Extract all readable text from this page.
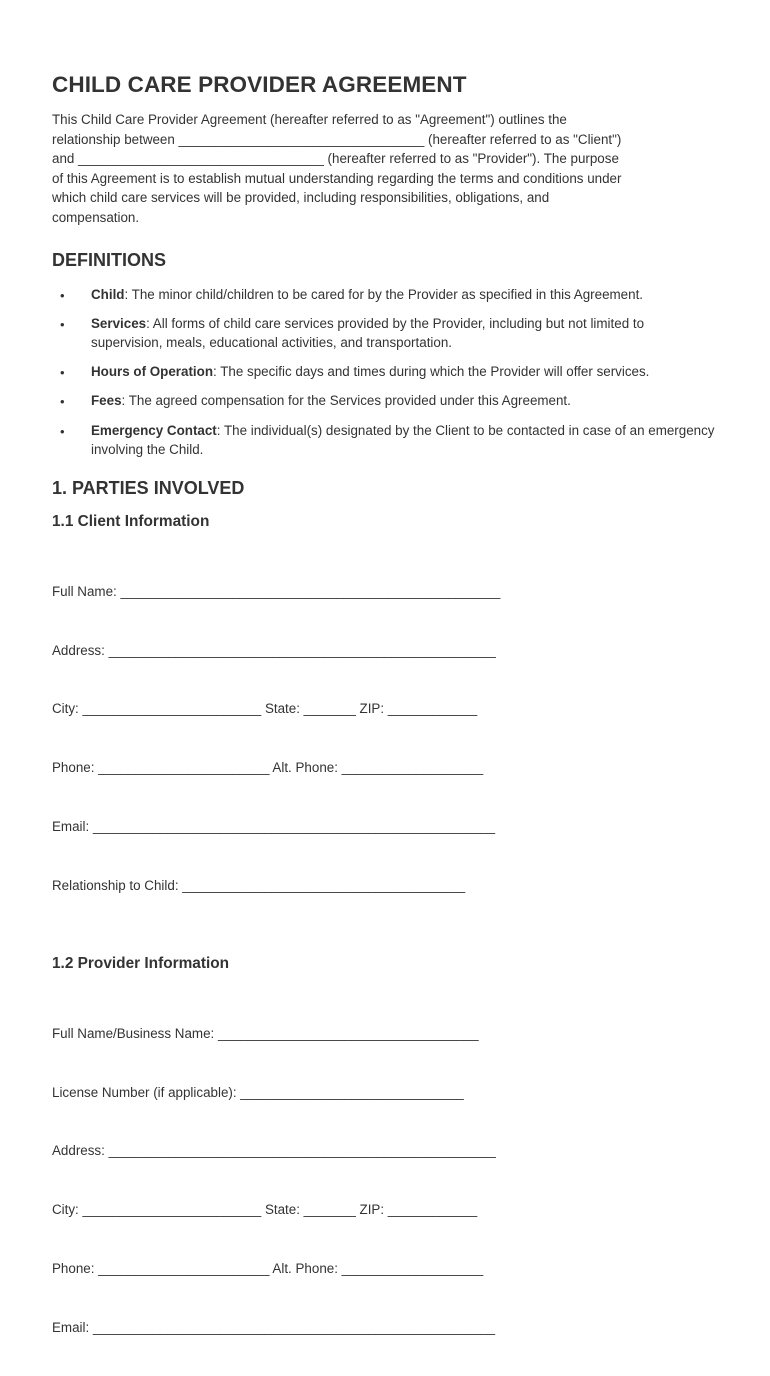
CHILD CARE PROVIDER AGREEMENT
This Child Care Provider Agreement (hereafter referred to as "Agreement") outlines the
relationship between _________________________________ (hereafter referred to as "Client")
and _________________________________ (hereafter referred to as "Provider"). The purpose
of this Agreement is to establish mutual understanding regarding the terms and conditions under
which child care services will be provided, including responsibilities, obligations, and
compensation.
DEFINITIONS
• Child: The minor child/children to be cared for by the Provider as specified in this Agreement.
• Services: All forms of child care services provided by the Provider, including but not limited to supervision, meals, educational activities, and transportation.
• Hours of Operation: The specific days and times during which the Provider will offer services.
• Fees: The agreed compensation for the Services provided under this Agreement.
• Emergency Contact: The individual(s) designated by the Client to be contacted in case of an emergency involving the Child.
1. PARTIES INVOLVED
1.1 Client Information

Full Name: ___________________________________________________

Address: ____________________________________________________

City: ________________________ State: _______ ZIP: ____________

Phone: _______________________ Alt. Phone: ___________________

Email: ______________________________________________________

Relationship to Child: ______________________________________

1.2 Provider Information

Full Name/Business Name: ___________________________________

License Number (if applicable): ______________________________

Address: ____________________________________________________

City: ________________________ State: _______ ZIP: ____________

Phone: _______________________ Alt. Phone: ___________________

Email: ______________________________________________________
